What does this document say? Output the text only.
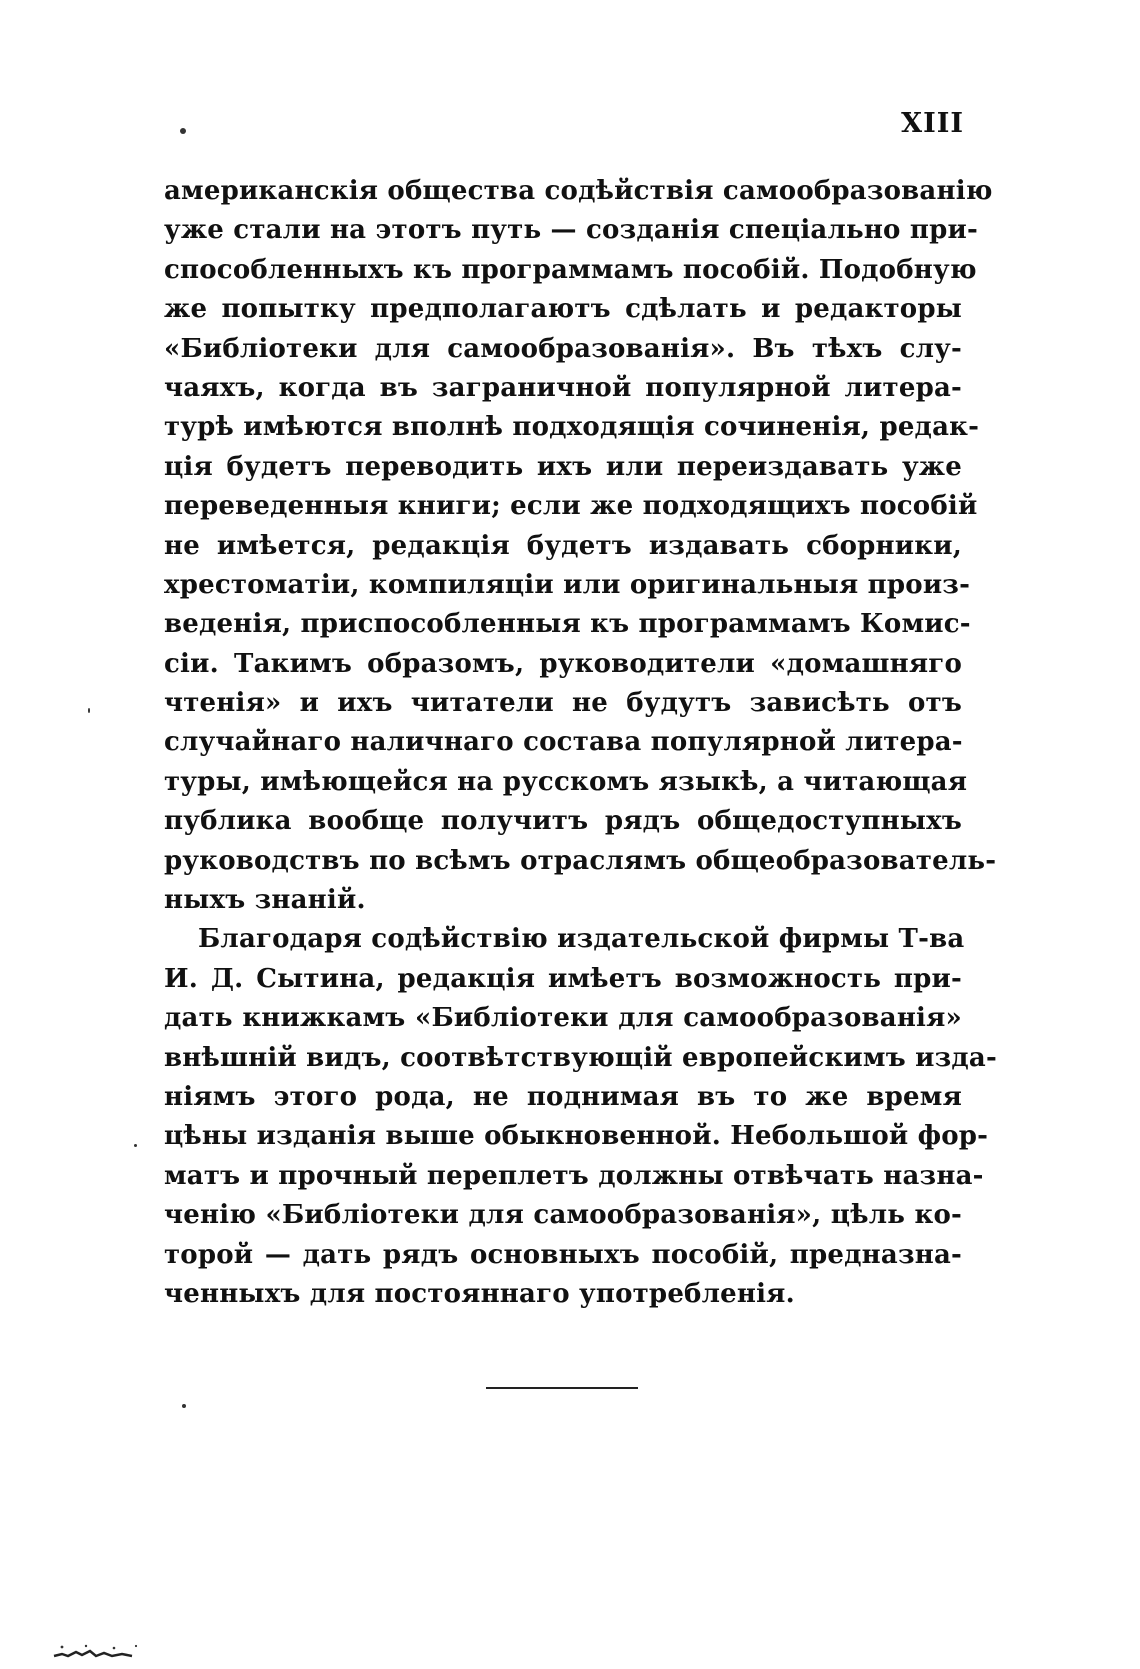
XIII
американскія общества содѣйствія самообразованію
уже стали на этотъ путь — созданія спеціально при-
способленныхъ къ программамъ пособій. Подобную
же попытку предполагаютъ сдѣлать и редакторы
«Библіотеки для самообразованія». Въ тѣхъ слу-
чаяхъ, когда въ заграничной популярной литера-
турѣ имѣются вполнѣ подходящія сочиненія, редак-
ція будетъ переводить ихъ или переиздавать уже
переведенныя книги; если же подходящихъ пособій
не имѣется, редакція будетъ издавать сборники,
хрестоматіи, компиляціи или оригинальныя произ-
веденія, приспособленныя къ программамъ Комис-
сіи. Такимъ образомъ, руководители «домашняго
чтенія» и ихъ читатели не будутъ зависѣть отъ
случайнаго наличнаго состава популярной литера-
туры, имѣющейся на русскомъ языкѣ, а читающая
публика вообще получитъ рядъ общедоступныхъ
руководствъ по всѣмъ отраслямъ общеобразователь-
ныхъ знаній.
Благодаря содѣйствію издательской фирмы Т-ва
И. Д. Сытина, редакція имѣетъ возможность при-
дать книжкамъ «Библіотеки для самообразованія»
внѣшній видъ, соотвѣтствующій европейскимъ изда-
ніямъ этого рода, не поднимая въ то же время
цѣны изданія выше обыкновенной. Небольшой фор-
матъ и прочный переплетъ должны отвѣчать назна-
ченію «Библіотеки для самообразованія», цѣль ко-
торой — дать рядъ основныхъ пособій, предназна-
ченныхъ для постояннаго употребленія.
